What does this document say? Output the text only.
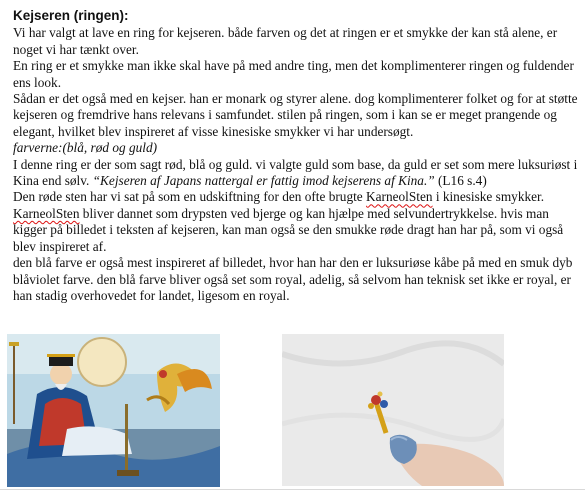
Kejseren (ringen):

Vi har valgt at lave en ring for kejseren. både farven og det at ringen er et smykke der kan stå alene, er noget vi har tænkt over.

En ring er et smykke man ikke skal have på med andre ting, men det komplimenterer ringen og fuldender ens look.

Sådan er det også med en kejser. han er monark og styrer alene. dog komplimenterer folket og for at støtte kejseren og fremdrive hans relevans i samfundet. stilen på ringen, som i kan se er meget prangende og elegant, hvilket blev inspireret af visse kinesiske smykker vi har undersøgt.

farverne:(blå, rød og guld)

I denne ring er der som sagt rød, blå og guld. vi valgte guld som base, da guld er set som mere luksuriøst i Kina end sølv. “Kejseren af Japans nattergal er fattig imod kejserens af Kina.” (L16 s.4)

Den røde sten har vi sat på som en udskiftning for den ofte brugte KarneolSten i kinesiske smykker.

KarneolSten bliver dannet som drypsten ved bjerge og kan hjælpe med selvundertrykkelse. hvis man kigger på billedet i teksten af kejseren, kan man også se den smukke røde dragt han har på, som vi også blev inspireret af.

den blå farve er også mest inspireret af billedet, hvor han har den er luksuriøse kåbe på med en smuk dyb blåviolet farve. den blå farve bliver også set som royal, adelig, så selvom han teknisk set ikke er royal, er han stadig overhovedet for landet, ligesom en royal.
